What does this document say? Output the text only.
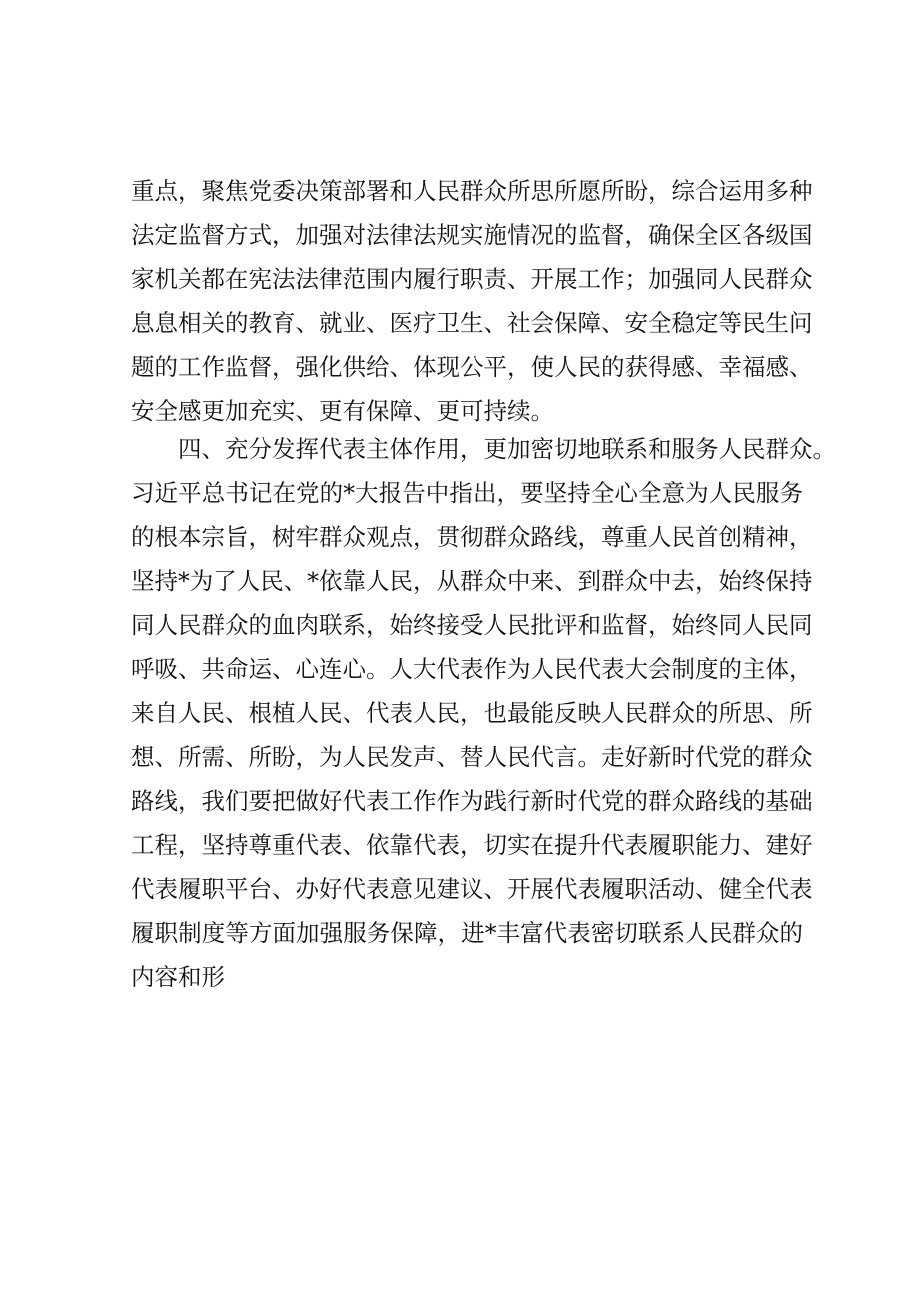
重点，聚焦党委决策部署和人民群众所思所愿所盼，综合运用多种
法定监督方式，加强对法律法规实施情况的监督，确保全区各级国
家机关都在宪法法律范围内履行职责、开展工作；加强同人民群众
息息相关的教育、就业、医疗卫生、社会保障、安全稳定等民生问
题的工作监督，强化供给、体现公平，使人民的获得感、幸福感、
安全感更加充实、更有保障、更可持续。
四、充分发挥代表主体作用，更加密切地联系和服务人民群众。
习近平总书记在党的*大报告中指出，要坚持全心全意为人民服务
的根本宗旨，树牢群众观点，贯彻群众路线，尊重人民首创精神，
坚持*为了人民、*依靠人民，从群众中来、到群众中去，始终保持
同人民群众的血肉联系，始终接受人民批评和监督，始终同人民同
呼吸、共命运、心连心。人大代表作为人民代表大会制度的主体，
来自人民、根植人民、代表人民，也最能反映人民群众的所思、所
想、所需、所盼，为人民发声、替人民代言。走好新时代党的群众
路线，我们要把做好代表工作作为践行新时代党的群众路线的基础
工程，坚持尊重代表、依靠代表，切实在提升代表履职能力、建好
代表履职平台、办好代表意见建议、开展代表履职活动、健全代表
履职制度等方面加强服务保障，进*丰富代表密切联系人民群众的
内容和形
